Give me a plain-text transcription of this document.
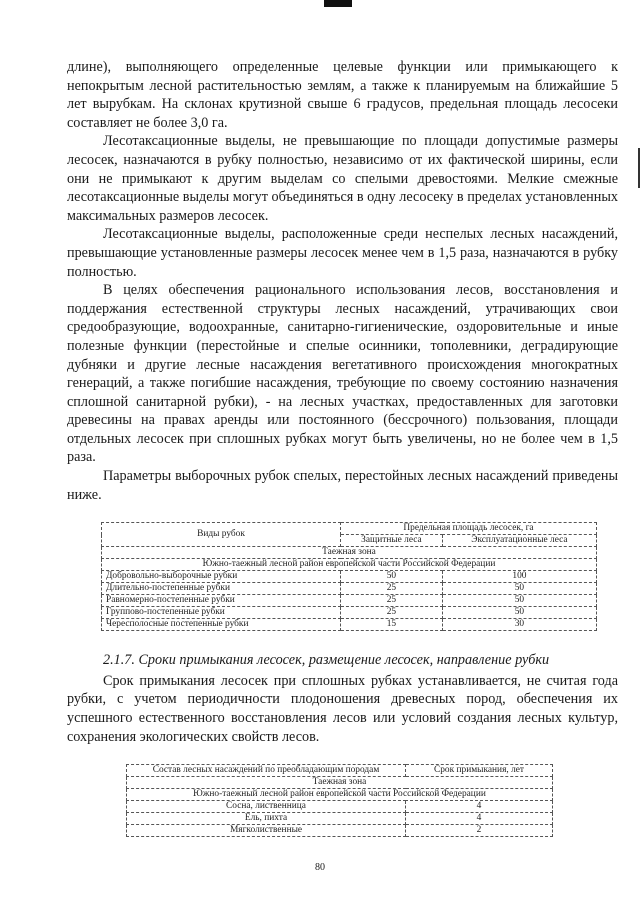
длине), выполняющего определенные целевые функции или примыкающего к непокрытым лесной растительностью землям, а также к планируемым на ближайшие 5 лет вырубкам. На склонах крутизной свыше 6 градусов, предельная площадь лесосеки составляет не более 3,0 га.

Лесотаксационные выделы, не превышающие по площади допустимые размеры лесосек, назначаются в рубку полностью, независимо от их фактической ширины, если они не примыкают к другим выделам со спелыми древостоями. Мелкие смежные лесотаксационные выделы могут объединяться в одну лесосеку в пределах установленных максимальных размеров лесосек.

Лесотаксационные выделы, расположенные среди неспелых лесных насаждений, превышающие установленные размеры лесосек менее чем в 1,5 раза, назначаются в рубку полностью.

В целях обеспечения рационального использования лесов, восстановления и поддержания естественной структуры лесных насаждений, утрачивающих свои средообразующие, водоохранные, санитарно-гигиенические, оздоровительные и иные полезные функции (перестойные и спелые осинники, тополевники, деградирующие дубняки и другие лесные насаждения вегетативного происхождения многократных генераций, а также погибшие насаждения, требующие по своему состоянию назначения сплошной санитарной рубки), - на лесных участках, предоставленных для заготовки древесины на правах аренды или постоянного (бессрочного) пользования, площади отдельных лесосек при сплошных рубках могут быть увеличены, но не более чем в 1,5 раза.

Параметры выборочных рубок спелых, перестойных лесных насаждений приведены ниже.

Виды рубок	Предельная площадь лесосек, га	
	Защитные леса	Эксплуатационные леса
Таежная зона		
Южно-таежный лесной район европейской части Российской Федерации		
Добровольно-выборочные рубки	50	100
Длительно-постепенные рубки	25	50
Равномерно-постепенные рубки	25	50
Группово-постепенные рубки	25	50
Чересполосные постепенные рубки	15	30

2.1.7. Сроки примыкания лесосек, размещение лесосек, направление рубки

Срок примыкания лесосек при сплошных рубках устанавливается, не считая года рубки, с учетом периодичности плодоношения древесных пород, обеспечения их успешного естественного восстановления лесов или условий создания лесных культур, сохранения экологических свойств лесов.

Состав лесных насаждений по преобладающим породам	Срок примыкания, лет
Таежная зона	
Южно-таежный лесной район европейской части Российской Федерации	
Сосна, лиственница	4
Ель, пихта	4
Мягколиственные	2
80
